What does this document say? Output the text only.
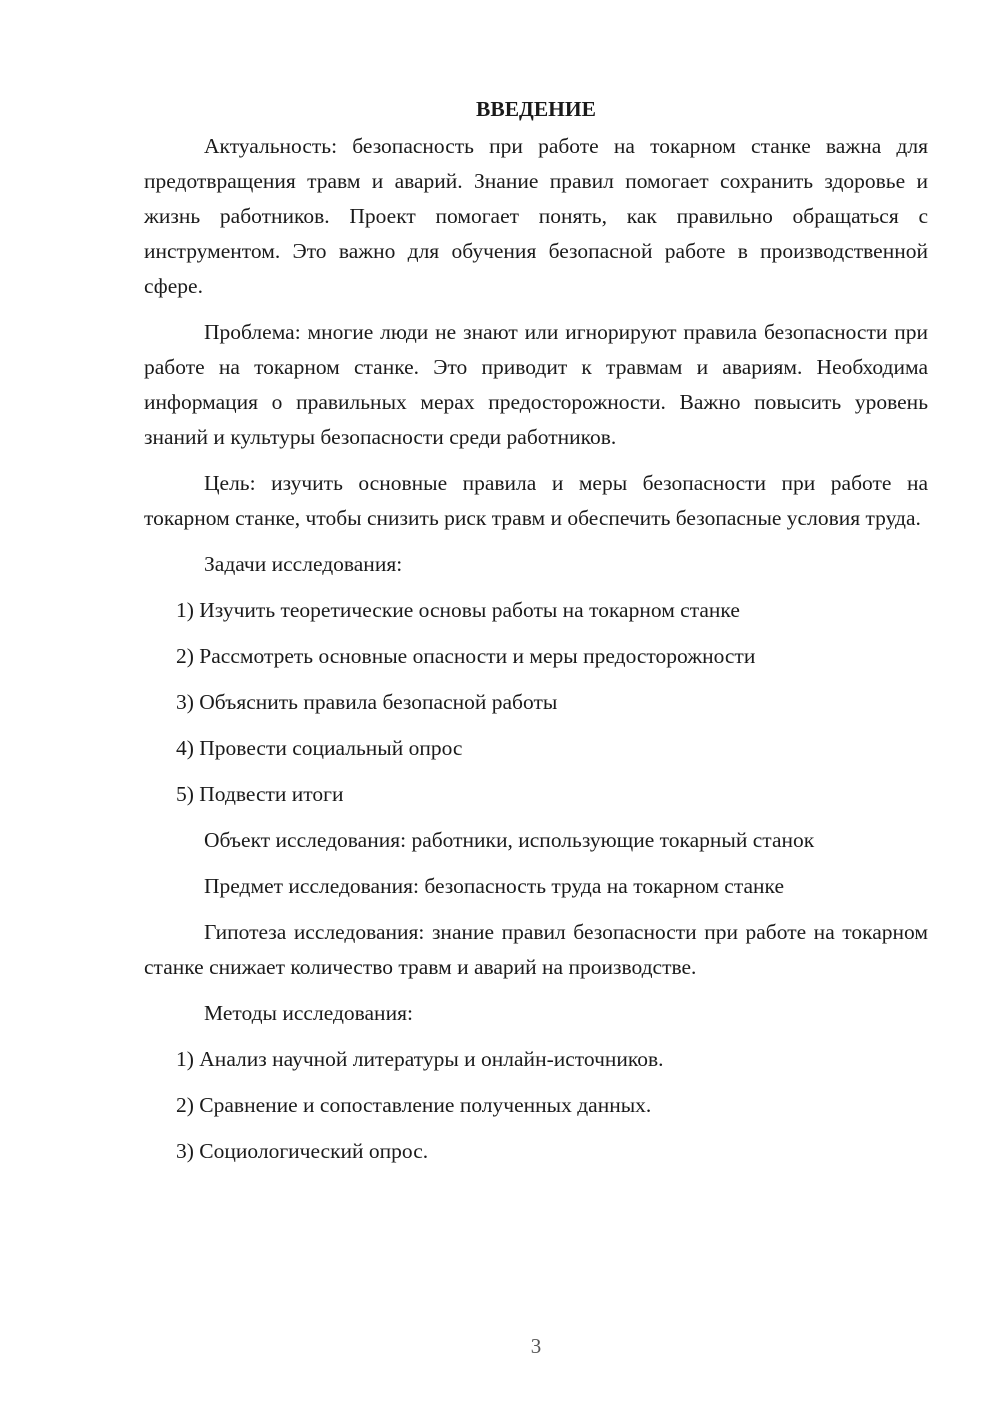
ВВЕДЕНИЕ

Актуальность: безопасность при работе на токарном станке важна для предотвращения травм и аварий. Знание правил помогает сохранить здоровье и жизнь работников. Проект помогает понять, как правильно обращаться с инструментом. Это важно для обучения безопасной работе в производственной сфере.

Проблема: многие люди не знают или игнорируют правила безопасности при работе на токарном станке. Это приводит к травмам и авариям. Необходима информация о правильных мерах предосторожности. Важно повысить уровень знаний и культуры безопасности среди работников.

Цель: изучить основные правила и меры безопасности при работе на токарном станке, чтобы снизить риск травм и обеспечить безопасные условия труда.

Задачи исследования:
1) Изучить теоретические основы работы на токарном станке
2) Рассмотреть основные опасности и меры предосторожности
3) Объяснить правила безопасной работы
4) Провести социальный опрос
5) Подвести итоги
Объект исследования: работники, использующие токарный станок
Предмет исследования: безопасность труда на токарном станке

Гипотеза исследования: знание правил безопасности при работе на токарном станке снижает количество травм и аварий на производстве.

Методы исследования:
1) Анализ научной литературы и онлайн-источников.
2) Сравнение и сопоставление полученных данных.
3) Социологический опрос.
3
